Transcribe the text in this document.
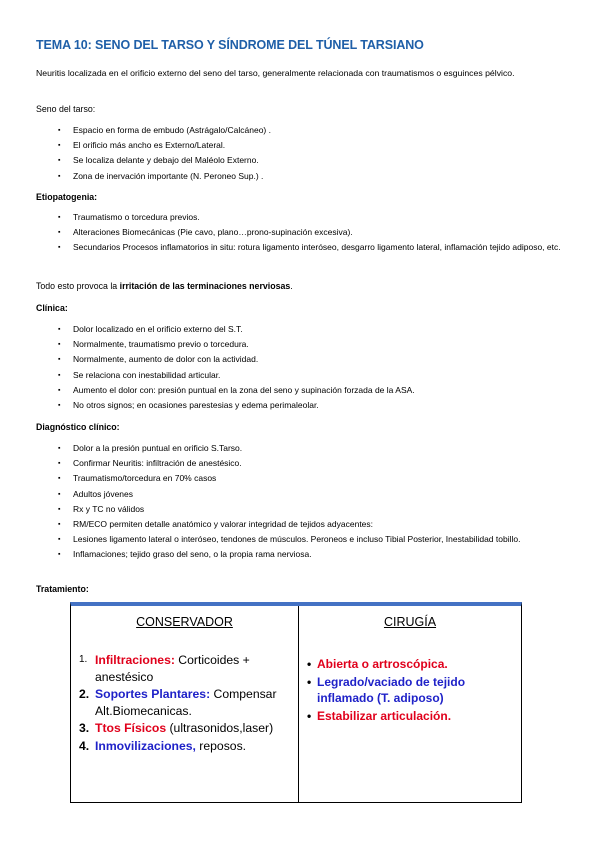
TEMA 10: SENO DEL TARSO Y SÍNDROME DEL TÚNEL TARSIANO
Neuritis localizada en el orificio externo del seno del tarso, generalmente relacionada con traumatismos o esguinces pélvico.
Seno del tarso:
▪ Espacio en forma de embudo (Astrágalo/Calcáneo) .
▪ El orificio más ancho es Externo/Lateral.
▪ Se localiza delante y debajo del Maléolo Externo.
▪ Zona de inervación importante (N. Peroneo Sup.) .
Etiopatogenia:
▪ Traumatismo o torcedura previos.
▪ Alteraciones Biomecánicas (Pie cavo, plano…prono-supinación excesiva).
▪ Secundarios Procesos inflamatorios in situ: rotura ligamento interóseo, desgarro ligamento lateral, inflamación tejido adiposo, etc.
Todo esto provoca la irritación de las terminaciones nerviosas.
Clínica:
▪ Dolor localizado en el orificio externo del S.T.
▪ Normalmente, traumatismo previo o torcedura.
▪ Normalmente, aumento de dolor con la actividad.
▪ Se relaciona con inestabilidad articular.
▪ Aumento el dolor con: presión puntual en la zona del seno y supinación forzada de la ASA.
▪ No otros signos; en ocasiones parestesias y edema perimaleolar.
Diagnóstico clínico:
▪ Dolor a la presión puntual en orificio S.Tarso.
▪ Confirmar Neuritis: infiltración de anestésico.
▪ Traumatismo/torcedura en 70% casos
▪ Adultos jóvenes
▪ Rx y TC no válidos
▪ RM/ECO permiten detalle anatómico y valorar integridad de tejidos adyacentes:
▪ Lesiones ligamento lateral o interóseo, tendones de músculos. Peroneos e incluso Tibial Posterior, Inestabilidad tobillo.
▪ Inflamaciones; tejido graso del seno, o la propia rama nerviosa.
Tratamiento:
CONSERVADOR
1. Infiltraciones: Corticoides + anestésico
2. Soportes Plantares: Compensar Alt.Biomecanicas.
3. Ttos Físicos (ultrasonidos,laser)
4. Inmovilizaciones, reposos.
CIRUGÍA
• Abierta o artroscópica.
• Legrado/vaciado de tejido inflamado (T. adiposo)
• Estabilizar articulación.
